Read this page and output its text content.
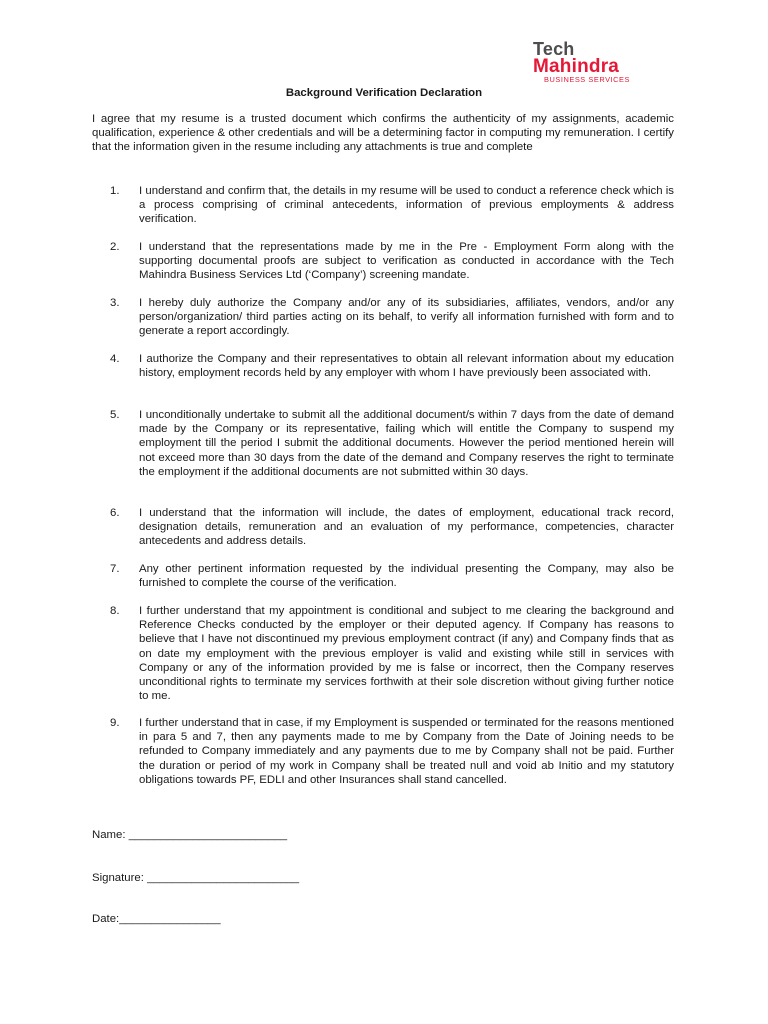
Tech
Mahindra
BUSINESS SERVICES
Background Verification Declaration

I agree that my resume is a trusted document which confirms the authenticity of my assignments, academic qualification, experience & other credentials and will be a determining factor in computing my remuneration. I certify that the information given in the resume including any attachments is true and complete

1.	I understand and confirm that, the details in my resume will be used to conduct a reference check which is a process comprising of criminal antecedents, information of previous employments & address verification.
2.	I understand that the representations made by me in the Pre - Employment Form along with the supporting documental proofs are subject to verification as conducted in accordance with the Tech Mahindra Business Services Ltd (‘Company’) screening mandate.
3.	I hereby duly authorize the Company and/or any of its subsidiaries, affiliates, vendors, and/or any person/organization/ third parties acting on its behalf, to verify all information furnished with form and to generate a report accordingly.
4.	I authorize the Company and their representatives to obtain all relevant information about my education history, employment records held by any employer with whom I have previously been associated with.
5.	I unconditionally undertake to submit all the additional document/s within 7 days from the date of demand made by the Company or its representative, failing which will entitle the Company to suspend my employment till the period I submit the additional documents. However the period mentioned herein will not exceed more than 30 days from the date of the demand and Company reserves the right to terminate the employment if the additional documents are not submitted within 30 days.
6.	I understand that the information will include, the dates of employment, educational track record, designation details, remuneration and an evaluation of my performance, competencies, character antecedents and address details.
7.	Any other pertinent information requested by the individual presenting the Company, may also be furnished to complete the course of the verification.
8.	I further understand that my appointment is conditional and subject to me clearing the background and Reference Checks conducted by the employer or their deputed agency. If Company has reasons to believe that I have not discontinued my previous employment contract (if any) and Company finds that as on date my employment with the previous employer is valid and existing while still in services with Company or any of the information provided by me is false or incorrect, then the Company reserves unconditional rights to terminate my services forthwith at their sole discretion without giving further notice to me.
9.	I further understand that in case, if my Employment is suspended or terminated for the reasons mentioned in para 5 and 7, then any payments made to me by Company from the Date of Joining needs to be refunded to Company immediately and any payments due to me by Company shall not be paid. Further the duration or period of my work in Company shall be treated null and void ab Initio and my statutory obligations towards PF, EDLI and other Insurances shall stand cancelled.
Name: _________________________
Signature: ________________________
Date:________________
